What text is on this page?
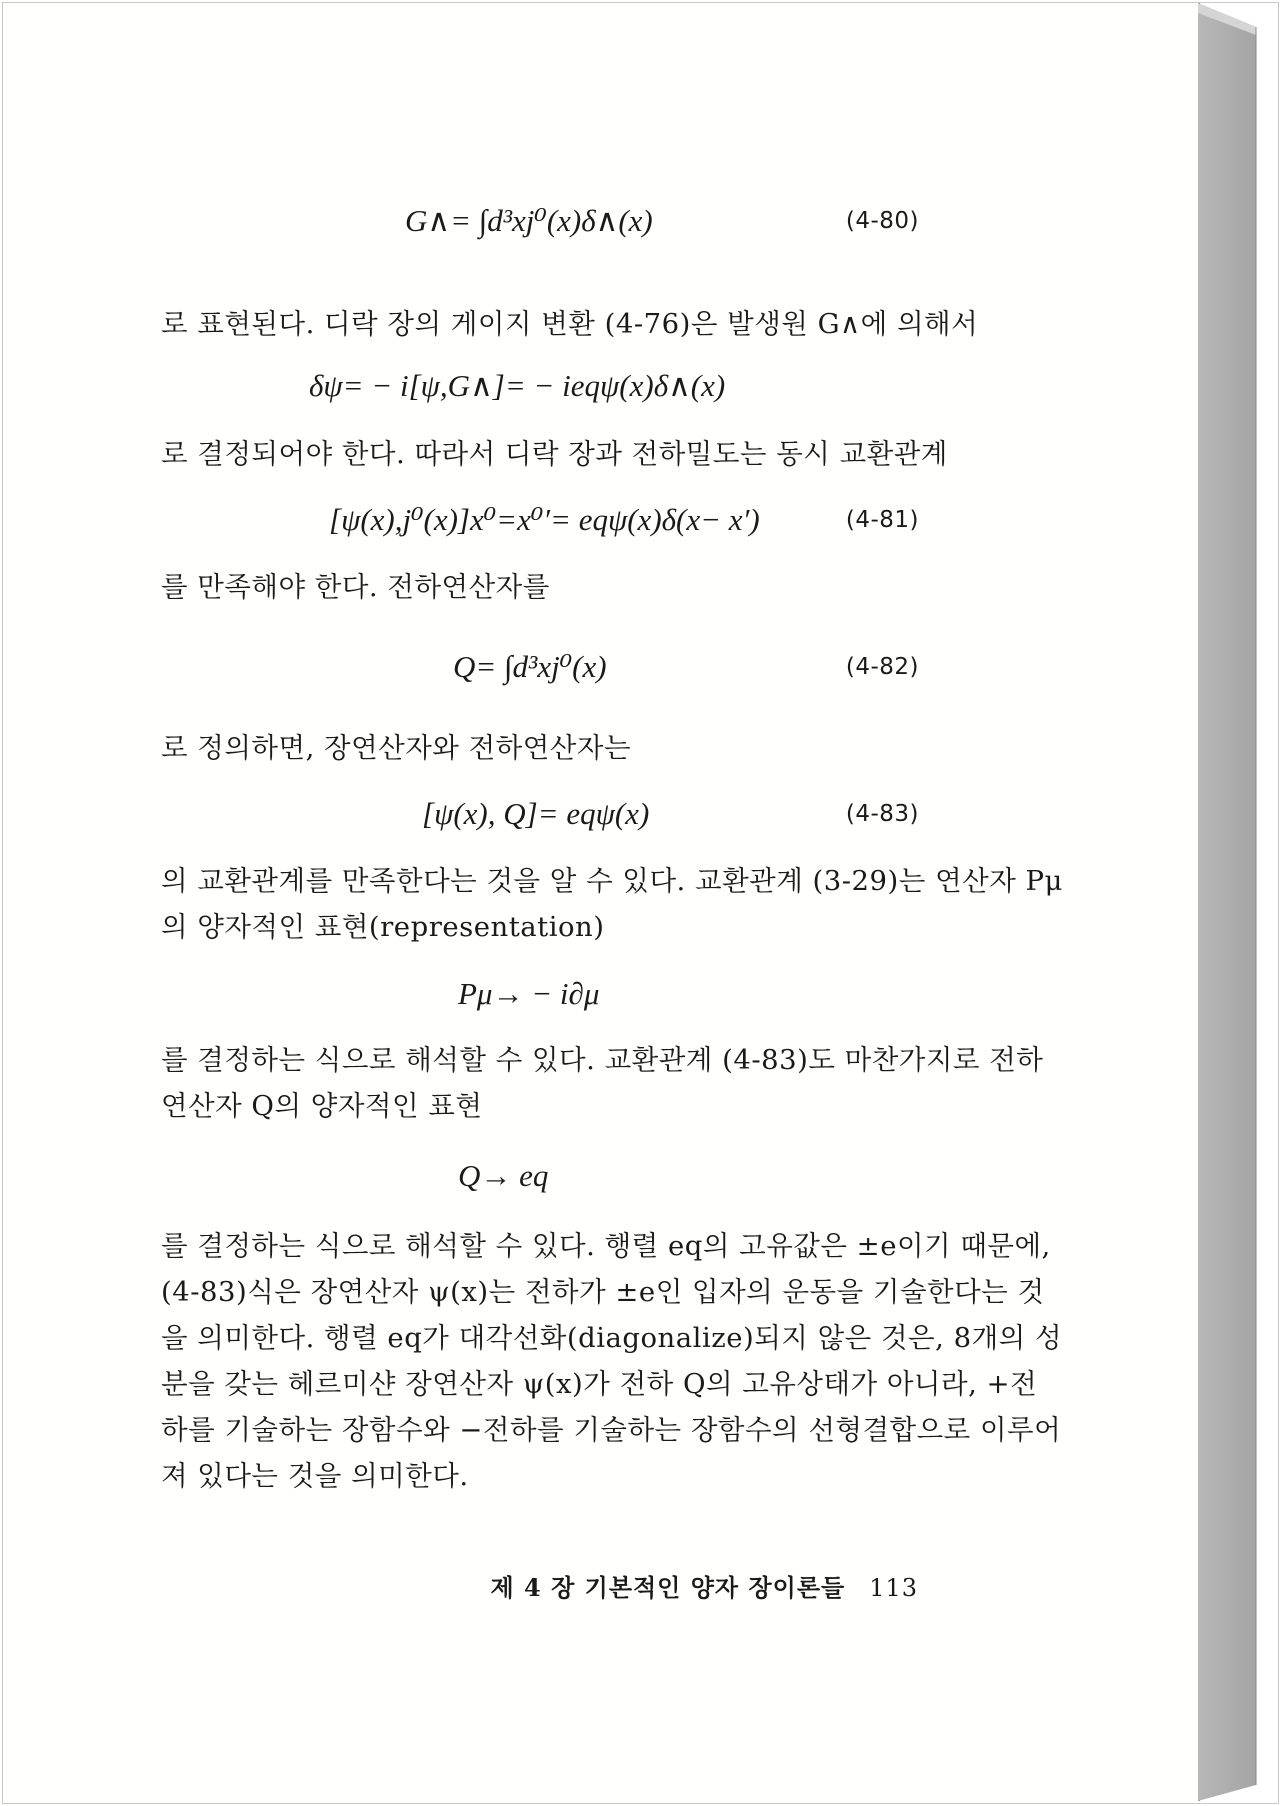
G∧= ∫d³xj⁰(x)δ∧(x)	(4-80)

로 표현된다. 디락 장의 게이지 변환 (4-76)은 발생원 G∧에 의해서

δψ= − i[ψ,G∧]= − ieqψ(x)δ∧(x)

로 결정되어야 한다. 따라서 디락 장과 전하밀도는 동시 교환관계

[ψ(x),j⁰(x)]x⁰=x⁰′= eqψ(x)δ(x− x′)	(4-81)

를 만족해야 한다. 전하연산자를

Q= ∫d³xj⁰(x)	(4-82)

로 정의하면, 장연산자와 전하연산자는

[ψ(x), Q]= eqψ(x)	(4-83)

의 교환관계를 만족한다는 것을 알 수 있다. 교환관계 (3-29)는 연산자 Pμ

의 양자적인 표현(representation)

Pμ→ − i∂μ

를 결정하는 식으로 해석할 수 있다. 교환관계 (4-83)도 마찬가지로 전하

연산자 Q의 양자적인 표현

Q→ eq

를 결정하는 식으로 해석할 수 있다. 행렬 eq의 고유값은 ±e이기 때문에,

(4-83)식은 장연산자 ψ(x)는 전하가 ±e인 입자의 운동을 기술한다는 것

을 의미한다. 행렬 eq가 대각선화(diagonalize)되지 않은 것은, 8개의 성

분을 갖는 헤르미샨 장연산자 ψ(x)가 전하 Q의 고유상태가 아니라, +전

하를 기술하는 장함수와 −전하를 기술하는 장함수의 선형결합으로 이루어

져 있다는 것을 의미한다.

제 4 장 기본적인 양자 장이론들 113
